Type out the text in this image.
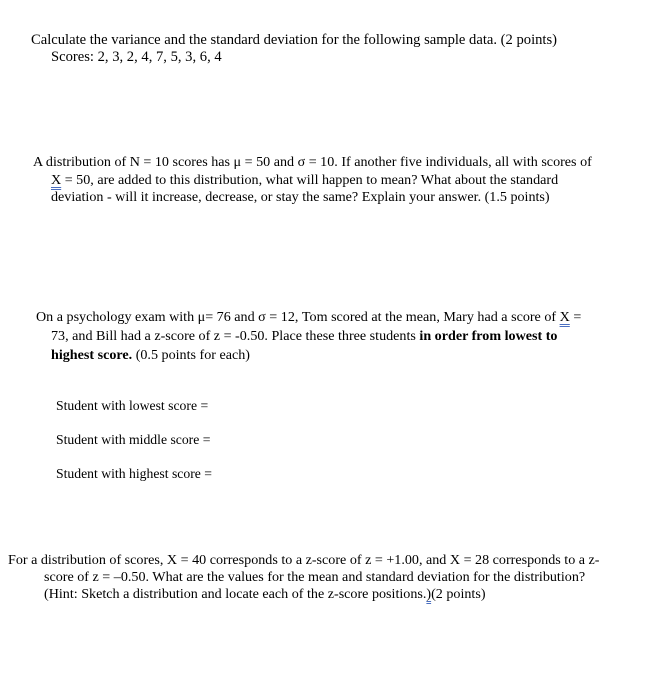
Calculate the variance and the standard deviation for the following sample data. (2 points)
Scores: 2, 3, 2, 4, 7, 5, 3, 6, 4
A distribution of N = 10 scores has μ = 50 and σ = 10. If another five individuals, all with scores of
X = 50, are added to this distribution, what will happen to mean? What about the standard
deviation - will it increase, decrease, or stay the same? Explain your answer. (1.5 points)
On a psychology exam with μ= 76 and σ = 12, Tom scored at the mean, Mary had a score of X =
73, and Bill had a z-score of z = -0.50. Place these three students in order from lowest to
highest score. (0.5 points for each)
Student with lowest score =
Student with middle score =
Student with highest score =
For a distribution of scores, X = 40 corresponds to a z-score of z = +1.00, and X = 28 corresponds to a z-
score of z = –0.50. What are the values for the mean and standard deviation for the distribution?
(Hint: Sketch a distribution and locate each of the z-score positions.)(2 points)
